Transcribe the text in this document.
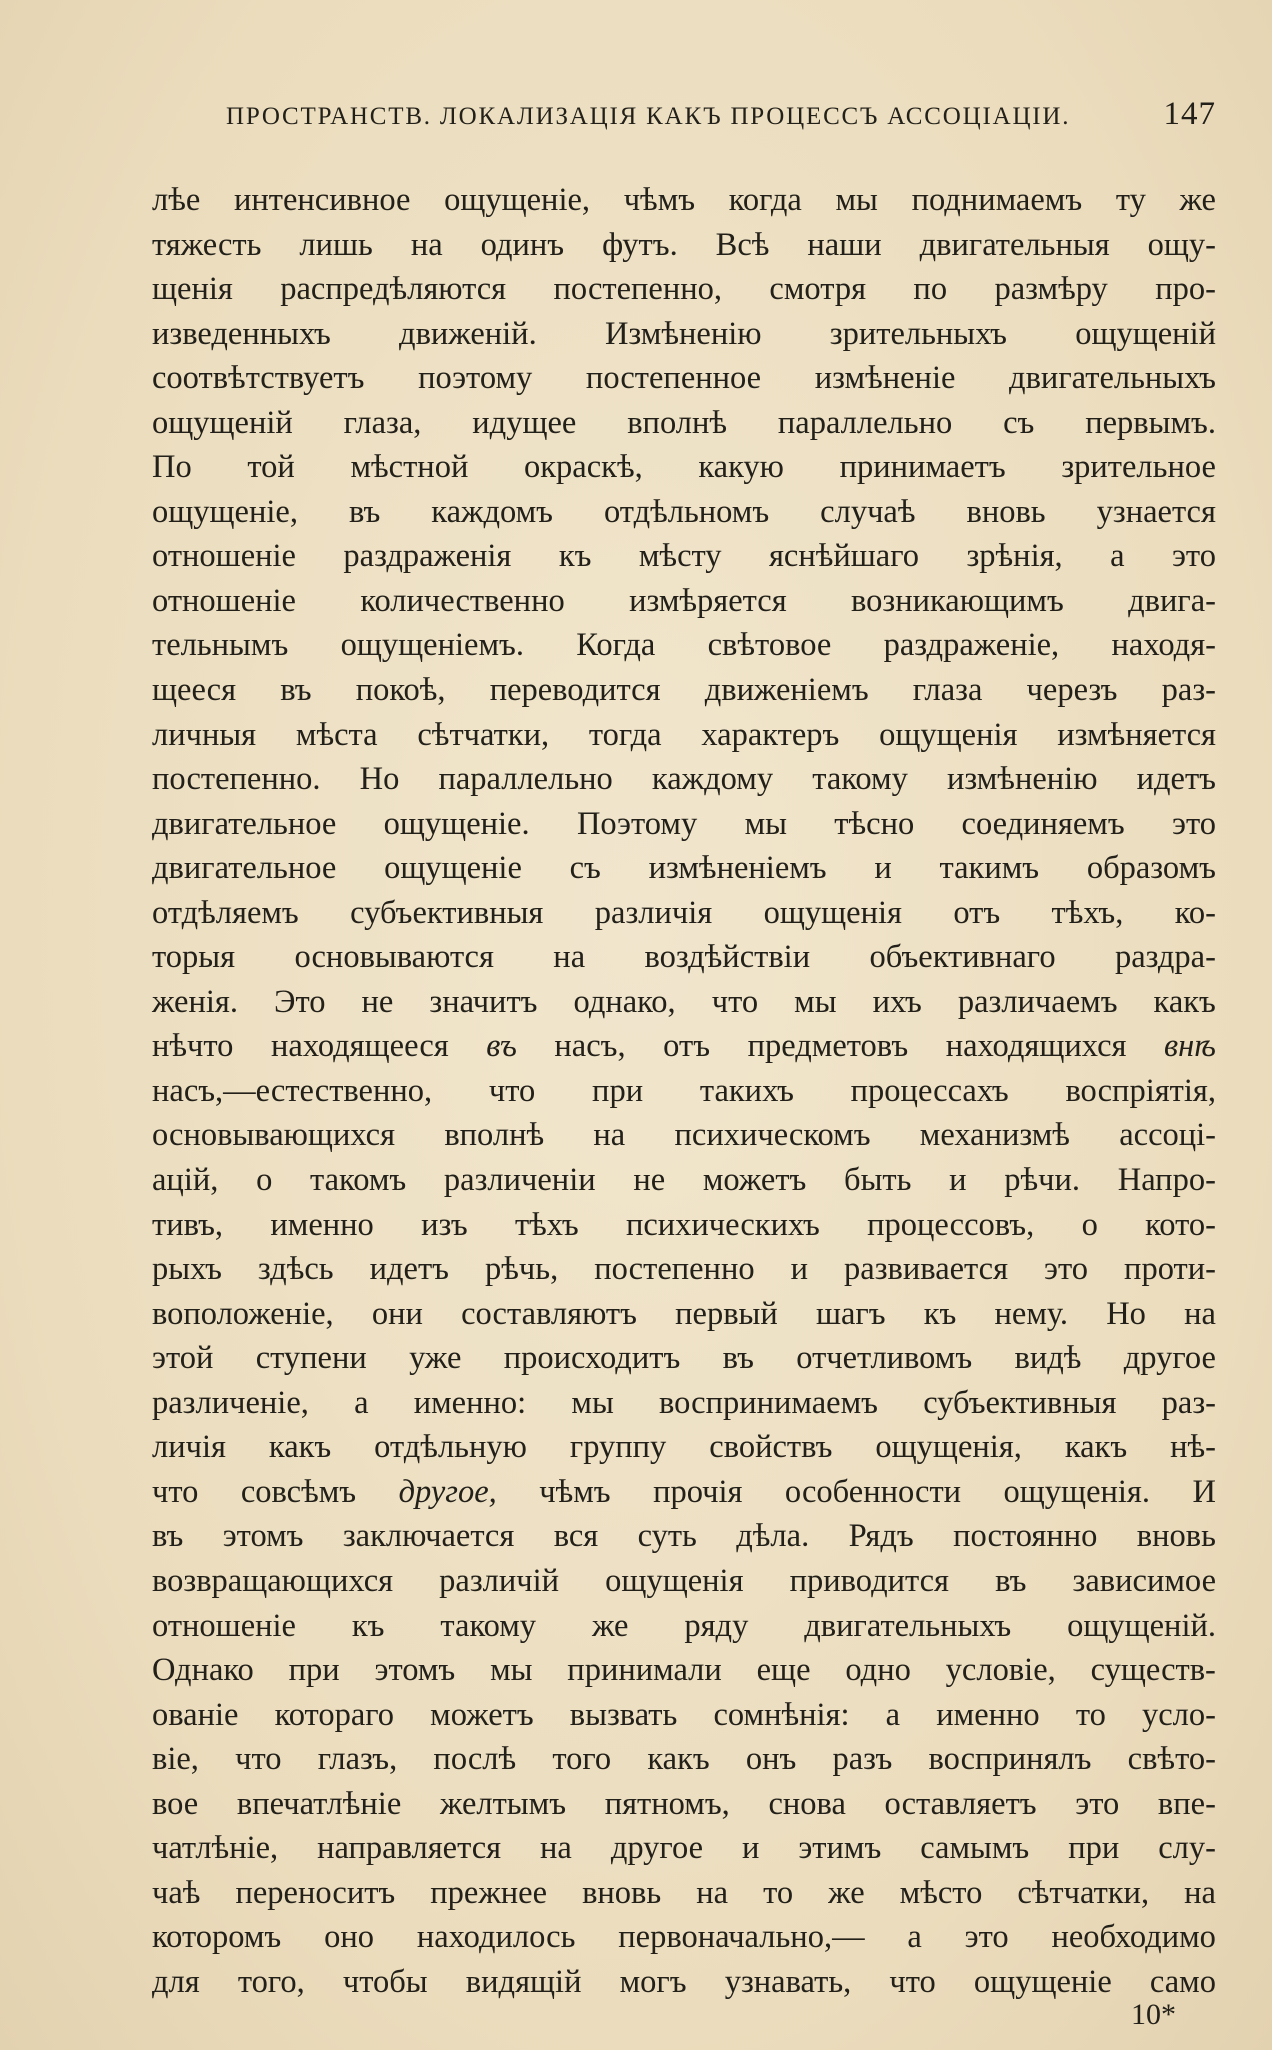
ПРОСТРАНСТВ. ЛОКАЛИЗАЦІЯ КАКЪ ПРОЦЕССЪ АССОЦІАЦІИ.	147
лѣе интенсивное ощущеніе, чѣмъ когда мы поднимаемъ ту же
тяжесть лишь на одинъ футъ. Всѣ наши двигательныя ощу-
щенія распредѣляются постепенно, смотря по размѣру про-
изведенныхъ движеній. Измѣненію зрительныхъ ощущеній
соотвѣтствуетъ поэтому постепенное измѣненіе двигательныхъ
ощущеній глаза, идущее вполнѣ параллельно съ первымъ.
По той мѣстной окраскѣ, какую принимаетъ зрительное
ощущеніе, въ каждомъ отдѣльномъ случаѣ вновь узнается
отношеніе раздраженія къ мѣсту яснѣйшаго зрѣнія, а это
отношеніе количественно измѣряется возникающимъ двига-
тельнымъ ощущеніемъ. Когда свѣтовое раздраженіе, находя-
щееся въ покоѣ, переводится движеніемъ глаза черезъ раз-
личныя мѣста сѣтчатки, тогда характеръ ощущенія измѣняется
постепенно. Но параллельно каждому такому измѣненію идетъ
двигательное ощущеніе. Поэтому мы тѣсно соединяемъ это
двигательное ощущеніе съ измѣненіемъ и такимъ образомъ
отдѣляемъ субъективныя различія ощущенія отъ тѣхъ, ко-
торыя основываются на воздѣйствіи объективнаго раздра-
женія. Это не значитъ однако, что мы ихъ различаемъ какъ
нѣчто находящееся въ насъ, отъ предметовъ находящихся внѣ
насъ,—естественно, что при такихъ процессахъ воспріятія,
основывающихся вполнѣ на психическомъ механизмѣ ассоці-
ацій, о такомъ различеніи не можетъ быть и рѣчи. Напро-
тивъ, именно изъ тѣхъ психическихъ процессовъ, о кото-
рыхъ здѣсь идетъ рѣчь, постепенно и развивается это проти-
воположеніе, они составляютъ первый шагъ къ нему. Но на
этой ступени уже происходитъ въ отчетливомъ видѣ другое
различеніе, а именно: мы воспринимаемъ субъективныя раз-
личія какъ отдѣльную группу свойствъ ощущенія, какъ нѣ-
что совсѣмъ другое, чѣмъ прочія особенности ощущенія. И
въ этомъ заключается вся суть дѣла. Рядъ постоянно вновь
возвращающихся различій ощущенія приводится въ зависимое
отношеніе къ такому же ряду двигательныхъ ощущеній.
Однако при этомъ мы принимали еще одно условіе, существ-
ованіе котораго можетъ вызвать сомнѣнія: а именно то усло-
віе, что глазъ, послѣ того какъ онъ разъ воспринялъ свѣто-
вое впечатлѣніе желтымъ пятномъ, снова оставляетъ это впе-
чатлѣніе, направляется на другое и этимъ самымъ при слу-
чаѣ переноситъ прежнее вновь на то же мѣсто сѣтчатки, на
которомъ оно находилось первоначально,— а это необходимо
для того, чтобы видящій могъ узнавать, что ощущеніе само
10*
